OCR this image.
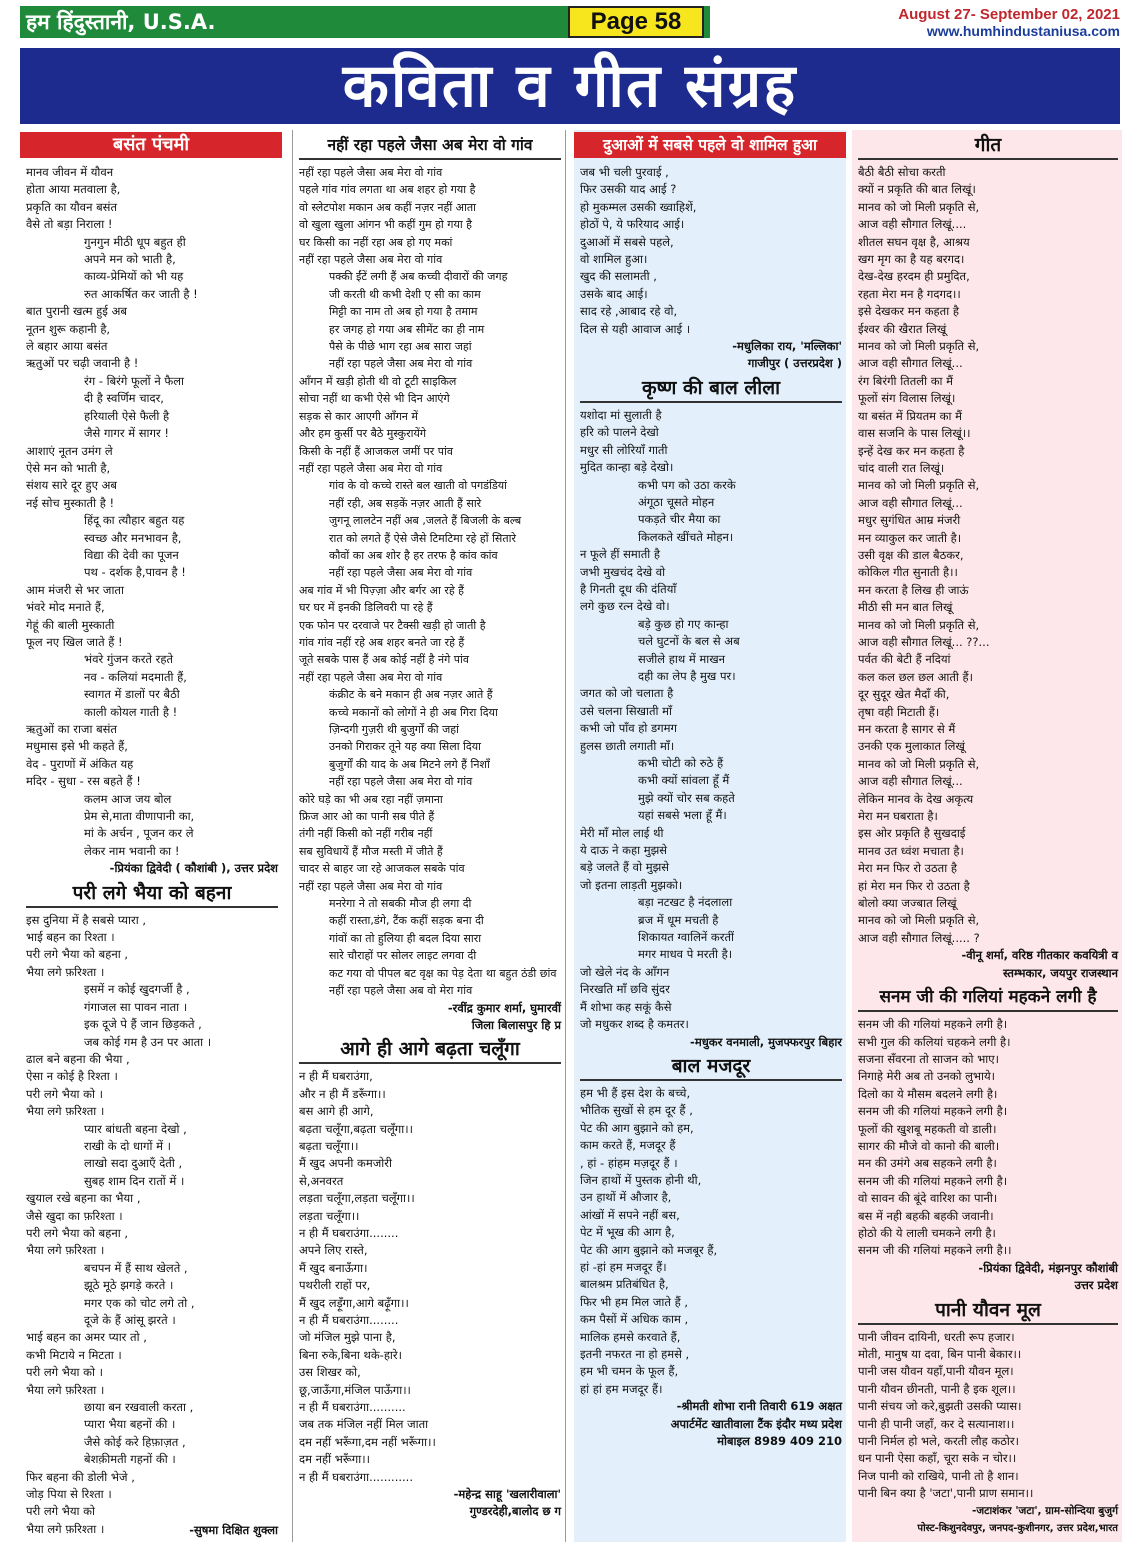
हम हिंदुस्तानी, U.S.A.	Page 58	August 27- September 02, 2021
www.humhindustaniusa.com
कविता व गीत संग्रह
बसंत पंचमी
मानव जीवन में यौवन
होता आया मतवाला है,
प्रकृति का यौवन बसंत
वैसे तो बड़ा निराला !
गुनगुन मीठी धूप बहुत ही
अपने मन को भाती है,
काव्य-प्रेमियों को भी यह
रुत आकर्षित कर जाती है !
बात पुरानी खत्म हुई अब
नूतन शुरू कहानी है,
ले बहार आया बसंत
ऋतुओं पर चढ़ी जवानी है !
रंग - बिरंगे फूलों ने फैला
दी है स्वर्णिम चादर,
हरियाली ऐसे फैली है
जैसे गागर में सागर !
आशाएं नूतन उमंग ले
ऐसे मन को भाती है,
संशय सारे दूर हुए अब
नई सोच मुस्काती है !
हिंदू का त्यौहार बहुत यह
स्वच्छ और मनभावन है,
विद्या की देवी का पूजन
पथ - दर्शक है,पावन है !
आम मंजरी से भर जाता
भंवरे मोद मनाते हैं,
गेहूं की बाली मुस्काती
फूल नए खिल जाते हैं !
भंवरे गुंजन करते रहते
नव - कलियां मदमाती हैं,
स्वागत में डालों पर बैठी
काली कोयल गाती है !
ऋतुओं का राजा बसंत
मधुमास इसे भी कहते हैं,
वेद - पुराणों में अंकित यह
मदिर - सुधा - रस बहते हैं !
कलम आज जय बोल
प्रेम से,माता वीणापानी का,
मां के अर्चन , पूजन कर ले
लेकर नाम भवानी का !
-प्रियंका द्विवेदी ( कौशांबी ), उत्तर प्रदेश
परी लगे भैया को बहना
इस दुनिया में है सबसे प्यारा ,
भाई बहन का रिश्ता ।
परी लगे भैया को बहना ,
भैया लगे फ़रिश्ता ।
इसमें न कोई खुदगर्जी है ,
गंगाजल सा पावन नाता ।
इक दूजे पे हैं जान छिड़कते ,
जब कोई गम है उन पर आता ।
ढाल बने बहना की भैया ,
ऐसा न कोई है रिश्ता ।
परी लगे भैया को ।
भैया लगे फ़रिश्ता ।
प्यार बांधती बहना देखो ,
राखी के दो धागों में ।
लाखो सदा दुआएँ देती ,
सुबह शाम दिन रातों में ।
खुयाल रखे बहना का भैया ,
जैसे खुदा का फ़रिश्ता ।
परी लगे भैया को बहना ,
भैया लगे फ़रिश्ता ।
बचपन में हैं साथ खेलते ,
झूठे मूठे झगड़े करते ।
मगर एक को चोट लगे तो ,
दूजे के हैं आंसू झरते ।
भाई बहन का अमर प्यार तो ,
कभी मिटाये न मिटता ।
परी लगे भैया को ।
भैया लगे फ़रिश्ता ।
छाया बन रखवाली करता ,
प्यारा भैया बहनों की ।
जैसे कोई करे हिफ़ाज़त ,
बेशक़ीमती गहनों की ।
फिर बहना की डोली भेजे ,
जोड़ पिया से रिश्ता ।
परी लगे भैया को
भैया लगे फ़रिश्ता ।	-सुषमा दिक्षित शुक्ला
नहीं रहा पहले जैसा अब मेरा वो गांव
नहीं रहा पहले जैसा अब मेरा वो गांव
पहले गांव गांव लगता था अब शहर हो गया है
वो स्लेटपोश मकान अब कहीं नज़र नहीं आता
वो खुला खुला आंगन भी कहीं गुम हो गया है
घर किसी का नहीं रहा अब हो गए मकां
नहीं रहा पहले जैसा अब मेरा वो गांव
पक्की ईंटें लगी हैं अब कच्ची दीवारों की जगह
जी करती थी कभी देशी ए सी का काम
मिट्टी का नाम तो अब हो गया है तमाम
हर जगह हो गया अब सीमेंट का ही नाम
पैसे के पीछे भाग रहा अब सारा जहां
नहीं रहा पहले जैसा अब मेरा वो गांव
आँगन में खड़ी होती थी वो टूटी साइकिल
सोचा नहीं था कभी ऐसे भी दिन आएंगे
सड़क से कार आएगी आँगन में
और हम कुर्सी पर बैठे मुस्कुरायेंगे
किसी के नहीं हैं आजकल जमीं पर पांव
नहीं रहा पहले जैसा अब मेरा वो गांव
गांव के वो कच्चे रास्ते बल खाती वो पगडंडियां
नहीं रही, अब सड़कें नज़र आती हैं सारे
जुगनू लालटेन नहीं अब ,जलते हैं बिजली के बल्ब
रात को लगते हैं ऐसे जैसे टिमटिमा रहे हों सितारे
कौवों का अब शोर है हर तरफ है कांव कांव
नहीं रहा पहले जैसा अब मेरा वो गांव
अब गांव में भी पिज़्ज़ा और बर्गर आ रहे हैं
घर घर में इनकी डिलिवरी पा रहे हैं
एक फोन पर दरवाजे पर टैक्सी खड़ी हो जाती है
गांव गांव नहीं रहे अब शहर बनते जा रहे हैं
जूते सबके पास हैं अब कोई नहीं है नंगे पांव
नहीं रहा पहले जैसा अब मेरा वो गांव
कंक्रीट के बने मकान ही अब नज़र आते हैं
कच्चे मकानों को लोगों ने ही अब गिरा दिया
ज़िन्दगी गुज़री थी बुजुर्गों की जहां
उनको गिराकर तूने यह क्या सिला दिया
बुजुर्गों की याद के अब मिटने लगे हैं निशाँ
नहीं रहा पहले जैसा अब मेरा वो गांव
कोरे घड़े का भी अब रहा नहीं ज़माना
फ्रिज आर ओ का पानी सब पीते हैं
तंगी नहीं किसी को नहीं गरीब नहीं
सब सुविधायें हैं मौज मस्ती में जीते हैं
चादर से बाहर जा रहे आजकल सबके पांव
नहीं रहा पहले जैसा अब मेरा वो गांव
मनरेगा ने तो सबकी मौज ही लगा दी
कहीं रास्ता,डंगे, टैंक कहीं सड़क बना दी
गांवों का तो हुलिया ही बदल दिया सारा
सारे चौराहों पर सोलर लाइट लगवा दी
कट गया वो पीपल बट वृक्ष का पेड़ देता था बहुत ठंडी छांव
नहीं रहा पहले जैसा अब वो मेरा गांव
-रवींद्र कुमार शर्मा, घुमारवीं
जिला बिलासपुर हि प्र
आगे ही आगे बढ़ता चलूँगा
न ही मैं घबराउंगा,
और न ही मैं डरूँगा।।
बस आगे ही आगे,
बढ़ता चलूँगा,बढ़ता चलूँगा।।
बढ़ता चलूँगा।।
मैं खुद अपनी कमजोरी
से,अनवरत
लड़ता चलूँगा,लड़ता चलूँगा।।
लड़ता चलूँगा।।
न ही मैं घबराउंगा........
अपने लिए रास्ते,
मैं खुद बनाऊँगा।
पथरीली राहों पर,
मैं खुद लड़ूँगा,आगे बढ़ूँगा।।
न ही मैं घबराउंगा........
जो मंजिल मुझे पाना है,
बिना रुके,बिना थके-हारे।
उस शिखर को,
छू,जाऊँगा,मंजिल पाऊँगा।।
न ही मैं घबराउंगा..........
जब तक मंजिल नहीं मिल जाता
दम नहीं भरूँगा,दम नहीं भरूँगा।।
दम नहीं भरूँगा।।
न ही मैं घबराउंगा............
-महेन्द्र साहू 'खलारीवाला'
गुण्डरदेही,बालोद छ ग
दुआओं में सबसे पहले वो शामिल हुआ
जब भी चली पुरवाई ,
फिर उसकी याद आई ?
हो मुकम्मल उसकी ख्वाहिशें,
होठों पे, ये फरियाद आई।
दुआओं में सबसे पहले,
वो शामिल हुआ।
खुद की सलामती ,
उसके बाद आई।
साद रहे ,आबाद रहे वो,
दिल से यही आवाज आई ।
-मधुलिका राय, 'मल्लिका'
गाजीपुर ( उत्तरप्रदेश )
कृष्ण की बाल लीला
यशोदा मां सुलाती है
हरि को पालने देखो
मधुर सी लोरियाँ गाती
मुदित कान्हा बड़े देखो।
कभी पग को उठा करके
अंगूठा चूसते मोहन
पकड़ते चीर मैया का
किलकते खींचते मोहन।
न फूले हीं समाती है
जभी मुखचंद देखे वो
है गिनती दूध की दंतियाँ
लगे कुछ रत्न देखे वो।
बड़े कुछ हो गए कान्हा
चले घुटनों के बल से अब
सजीले हाथ में माखन
दही का लेप है मुख पर।
जगत को जो चलाता है
उसे चलना सिखाती माँ
कभी जो पाँव हो डगमग
हुलस छाती लगाती माँ।
कभी चोटी को रुठे हैं
कभी क्यों सांवला हूँ मैं
मुझे क्यों चोर सब कहते
यहां सबसे भला हूँ मैं।
मेरी माँ मोल लाई थी
ये दाऊ ने कहा मुझसे
बड़े जलते हैं वो मुझसे
जो इतना लाड़ती मुझको।
बड़ा नटखट है नंदलाला
ब्रज में धूम मचती है
शिकायत ग्वालिनें करतीं
मगर माधव पे मरती है।
जो खेले नंद के आँगन
निरखति माँ छवि सुंदर
मैं शोभा कह सकूं कैसे
जो मधुकर शब्द है कमतर।
-मधुकर वनमाली, मुजफ्फरपुर बिहार
बाल मजदूर
हम भी हैं इस देश के बच्चे,
भौतिक सुखों से हम दूर हैं ,
पेट की आग बुझाने को हम,
काम करते हैं, मजदूर हैं
, हां - हांहम मज़दूर हैं ।
जिन हाथों में पुस्तक होनी थी,
उन हाथों में औजार है,
आंखों में सपने नहीं बस,
पेट में भूख की आग है,
पेट की आग बुझाने को मजबूर हैं,
हां -हां हम मजदूर हैं।
बालश्रम प्रतिबंधित है,
फिर भी हम मिल जाते हैं ,
कम पैसों में अधिक काम ,
मालिक हमसे करवाते हैं,
इतनी नफरत ना हो हमसे ,
हम भी चमन के फूल हैं,
हां हां हम मजदूर हैं।
-श्रीमती शोभा रानी तिवारी 619 अक्षत
अपार्टमेंट खातीवाला टैंक इंदौर मध्य प्रदेश
मोबाइल 8989 409 210
गीत
बैठी बैठी सोचा करती
क्यों न प्रकृति की बात लिखूं।
मानव को जो मिली प्रकृति से,
आज वही सौगात लिखूं....
शीतल सघन वृक्ष है, आश्रय
खग मृग का है यह बरगद।
देख-देख हरदम ही प्रमुदित,
रहता मेरा मन है गदगद।।
इसे देखकर मन कहता है
ईश्वर की खैरात लिखूं
मानव को जो मिली प्रकृति से,
आज वही सौगात लिखूं...
रंग बिरंगी तितली का मैं
फूलों संग विलास लिखूं।
या बसंत में प्रियतम का मैं
वास सजनि के पास लिखूं।।
इन्हें देख कर मन कहता है
चांद वाली रात लिखूं।
मानव को जो मिली प्रकृति से,
आज वही सौगात लिखूं...
मधुर सुगंधित आम्र मंजरी
मन व्याकुल कर जाती है।
उसी वृक्ष की डाल बैठकर,
कोकिल गीत सुनाती है।।
मन करता है लिख ही जाऊं
मीठी सी मन बात लिखूं
मानव को जो मिली प्रकृति से,
आज वही सौगात लिखूं... ??...
पर्वत की बेटी हैं नदियां
कल कल छल छल आती हैं।
दूर सुदूर खेत मैदाँ की,
तृषा वही मिटाती हैं।
मन करता है सागर से मैं
उनकी एक मुलाकात लिखूं
मानव को जो मिली प्रकृति से,
आज वही सौगात लिखूं...
लेकिन मानव के देख अकृत्य
मेरा मन घबराता है।
इस ओर प्रकृति है सुखदाई
मानव उत ध्वंश मचाता है।
मेरा मन फिर रो उठता है
हां मेरा मन फिर रो उठता है
बोलो क्या जज्बात लिखूं
मानव को जो मिली प्रकृति से,
आज वही सौगात लिखूं..... ?
-वीनू शर्मा, वरिष्ठ गीतकार कवयित्री व
स्तम्भकार, जयपुर राजस्थान
सनम जी की गलियां महकने लगी है
सनम जी की गलियां महकने लगी है।
सभी गुल की कलियां चहकने लगी है।
सजना सँवरना तो साजन को भाए।
निगाहे मेरी अब तो उनको लुभाये।
दिलो का ये मौसम बदलने लगी है।
सनम जी की गलियां महकने लगी है।
फूलों की खुशबू महकती वो डाली।
सागर की मौजे वो कानो की बाली।
मन की उमंगे अब सहकने लगी है।
सनम जी की गलियां महकने लगी है।
वो सावन की बूंदे वारिश का पानी।
बस में नही बहकी बहकी जवानी।
होठो की ये लाली चमकने लगी है।
सनम जी की गलियां महकने लगी है।।
-प्रियंका द्विवेदी, मंझनपुर कौशांबी
उत्तर प्रदेश
पानी यौवन मूल
पानी जीवन दायिनी, धरती रूप हजार।
मोती, मानुष या दवा, बिन पानी बेकार।।
पानी जस यौवन यहाँ,पानी यौवन मूल।
पानी यौवन छीनती, पानी है इक शूल।।
पानी संचय जो करे,बुझती उसकी प्यास।
पानी ही पानी जहाँ, कर दे सत्यानाश।।
पानी निर्मल हो भले, करती लौह कठोर।
धन पानी ऐसा कहाँ, चूरा सके न चोर।।
निज पानी को राखिये, पानी तो है शान।
पानी बिन क्या है 'जटा',पानी प्राण समान।।
-जटाशंकर 'जटा', ग्राम-सोन्दिया बुजुर्ग
पोस्ट-किशुनदेवपुर, जनपद-कुशीनगर, उत्तर प्रदेश,भारत
